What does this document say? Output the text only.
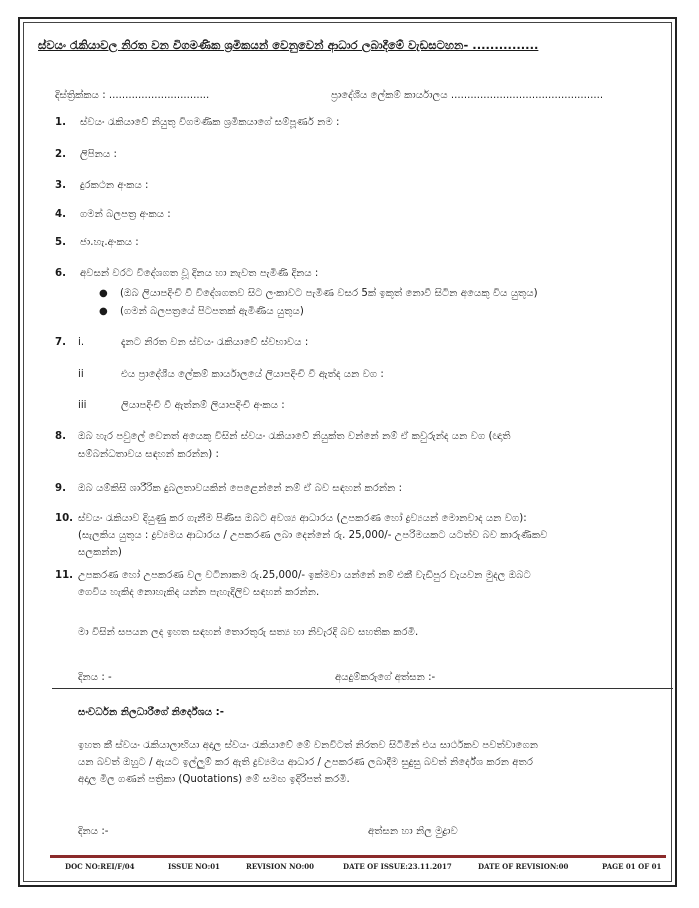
ස්වයං රැකියාවල නිරත වන විගමණික ශ්‍රමිකයන් වෙනුවෙන් ආධාර ලබාදීමේ වැඩසටහන- ...............
දිස්ත්‍රික්කය : ...............................	ප්‍රාදේශීය ලේකම් කාර්යාලය ...............................................
1. ස්වයං රැකියාවේ නියුතු විගමණික ශ්‍රමිකයාගේ සම්පූර්ණ නම :
2. ලිපිනය :
3. දුරකථන අංකය :
4. ගමන් බලපත්‍ර අංකය :
5. ජා.හැ.අංකය :
6. අවසන් වරට විදේශගත වූ දිනය හා නැවත පැමිණි දිනය :
● (ඔබ ලියාපදිංචි වී විදේශගතව සිට ලංකාවට පැමිණ වසර 5ක් ඉකුත් නොවී සිටින අයෙකු විය යුතුය)
● (ගමන් බලපත්‍රයේ පිටපතක් ඇමිණිය යුතුය)
7. i.	දැනට නිරත වන ස්වයං රැකියාවේ ස්වභාවය :
ii	එය ප්‍රාදේශීය ලේකම් කාර්යාලයේ ලියාපදිංචි වී ඇත්ද යන වග :
iii	ලියාපදිංචි වී ඇත්නම් ලියාපදිංචි අංකය :
8. ඔබ හැර පවුලේ වෙනත් අයෙකු විසින් ස්වයං රැකියාවේ නියුක්ත වන්නේ නම් ඒ කවුරුන්ද යන වග (ඥාති
සම්බන්ධතාවය සඳහන් කරන්න) :
9. ඔබ යම්කිසි ශාරීරික දුබලතාවයකින් පෙළෙන්නේ නම් ඒ බව සඳහන් කරන්න :
10. ස්වයං රැකියාව දියුණු කර ගැනීම පිණිස ඔබට අවශ්‍ය ආධාරය (උපකරණ හෝ ද්‍රව්‍යයන් මොනවාද යන වග):
(සැලකිය යුතුය : ද්‍රව්‍යමය ආධාරය / උපකරණ ලබා දෙන්නේ රු. 25,000/- උපරිමයකට යටත්ව බව කාරුණිකව
සලකන්න)
11. උපකරණ හෝ උපකරණ වල වටිනාකම රු.25,000/- ඉක්මවා යන්නේ නම් එකී වැඩිපුර වැයවන මුදල ඔබට
ගෙවිය හැකිද නොහැකිද යන්න පැහැදිලිව සඳහන් කරන්න.
මා විසින් සපයන ලද ඉහත සඳහන් තොරතුරු සත්‍ය හා නිවැරදි බව සහතික කරමි.
දිනය : -	අයදුම්කරුගේ අත්සන :-
සංවර්ධන නිලධාරීගේ නිර්දේශය :-
ඉහත කී ස්වයං රැකියාලාභියා අදාල ස්වයං රැකියාවේ මේ වනවිටත් නිරතව සිටිමින් එය සාර්ථකව පවත්වාගෙන
යන බවත් ඔහුට / ඇයට ඉල්ලුම් කර ඇති ද්‍රව්‍යමය ආධාර / උපකරණ ලබාදීම සුදුසු බවත් නිර්දේශ කරන අතර
අදාල මිල ගණන් පත්‍රිකා (Quotations) මේ සමඟ ඉදිරිපත් කරමි.
දිනය :-	අත්සන හා නිල මුද්‍රාව
DOC NO:REI/F/04	ISSUE NO:01	REVISION NO:00	DATE OF ISSUE:23.11.2017	DATE OF REVISION:00	PAGE 01 OF 01
